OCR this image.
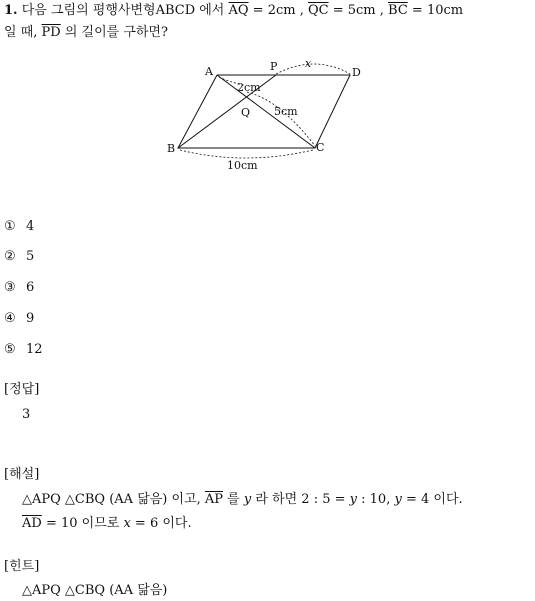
1. 다음 그림의 평행사변형ABCD 에서 $\overline{AQ} = 2cm$ , $\overline{QC} = 5cm$ , $\overline{BC} = 10cm$
일 때, $\overline{PD}$ 의 길이를 구하면?
A	D
B	C
P
Q
x
2cm
5cm
10cm
① 4
② 5
③ 6
④ 9
⑤ 12
[정답]
3
[해설]
△APQ △CBQ (AA 닮음) 이고, $\overline{AP}$ 를 y 라 하면 2 : 5 = y : 10, y = 4 이다.
$\overline{AD} = 10$ 이므로 x = 6 이다.
[힌트]
△APQ △CBQ (AA 닮음)
